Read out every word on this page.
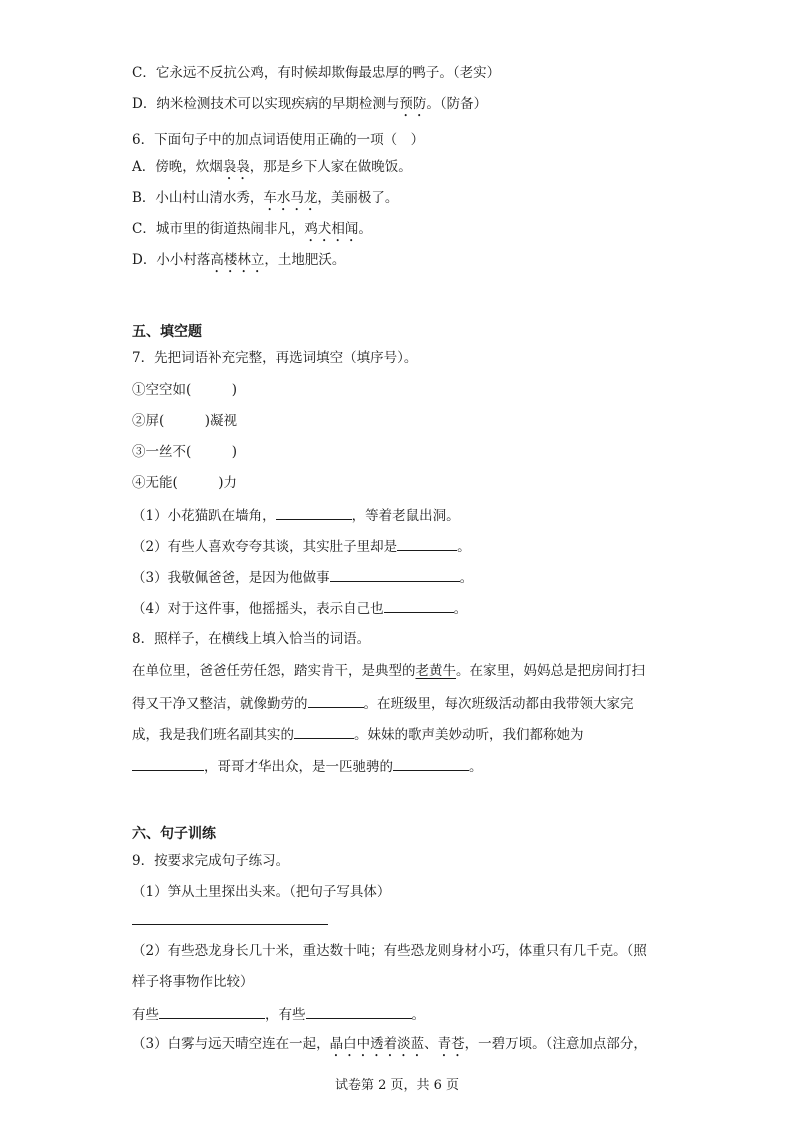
C．它永远不反抗公鸡，有时候却欺侮最忠厚的鸭子。（老实）
D．纳米检测技术可以实现疾病的早期检测与预防。（防备）
6．下面句子中的加点词语使用正确的一项（　）
A．傍晚，炊烟袅袅，那是乡下人家在做晚饭。
B．小山村山清水秀，车水马龙，美丽极了。
C．城市里的街道热闹非凡，鸡犬相闻。
D．小小村落高楼林立，土地肥沃。
五、填空题
7．先把词语补充完整，再选词填空（填序号）。
①空空如(　　　)
②屏(　　　)凝视
③一丝不(　　　)
④无能(　　　)力
（1）小花猫趴在墙角，	，等着老鼠出洞。
（2）有些人喜欢夸夸其谈，其实肚子里却是	。
（3）我敬佩爸爸，是因为他做事	。
（4）对于这件事，他摇摇头，表示自己也	。
8．照样子，在横线上填入恰当的词语。
在单位里，爸爸任劳任怨，踏实肯干，是典型的老黄牛。在家里，妈妈总是把房间打扫
得又干净又整洁，就像勤劳的	。在班级里，每次班级活动都由我带领大家完
成，我是我们班名副其实的	。妹妹的歌声美妙动听，我们都称她为
，哥哥才华出众，是一匹驰骋的	。
六、句子训练
9．按要求完成句子练习。
（1）笋从土里探出头来。（把句子写具体）
（2）有些恐龙身长几十米，重达数十吨；有些恐龙则身材小巧，体重只有几千克。（照
样子将事物作比较）
有些	，有些	。
（3）白雾与远天晴空连在一起，晶白中透着淡蓝、青苍，一碧万顷。（注意加点部分，
试卷第 2 页，共 6 页
